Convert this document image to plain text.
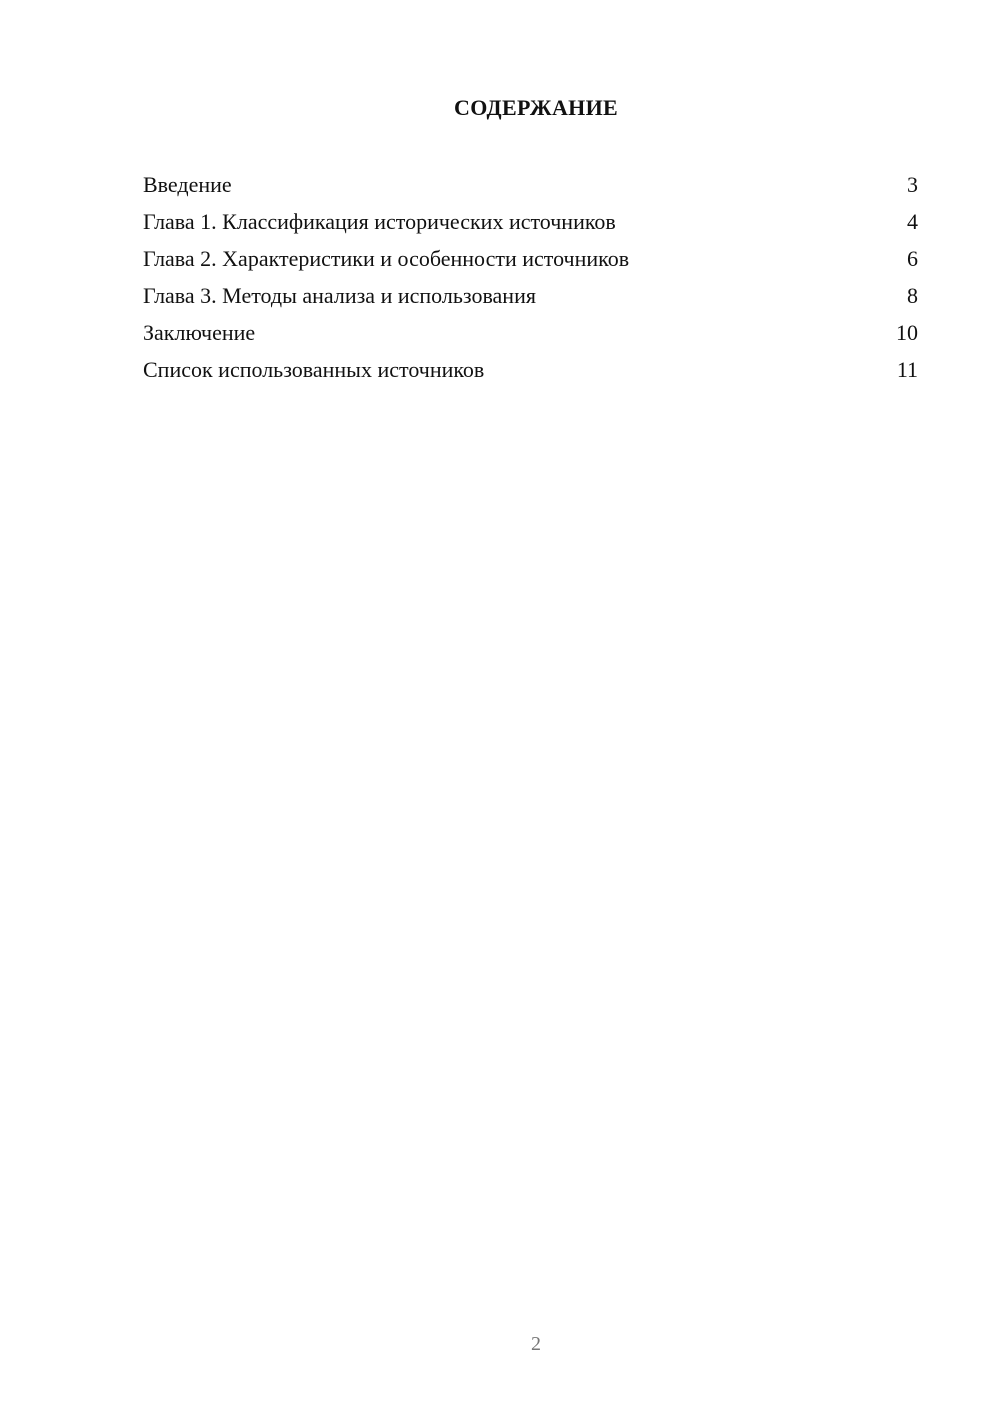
СОДЕРЖАНИЕ
Введение	3
Глава 1. Классификация исторических источников	4
Глава 2. Характеристики и особенности источников	6
Глава 3. Методы анализа и использования	8
Заключение	10
Список использованных источников	11
2
